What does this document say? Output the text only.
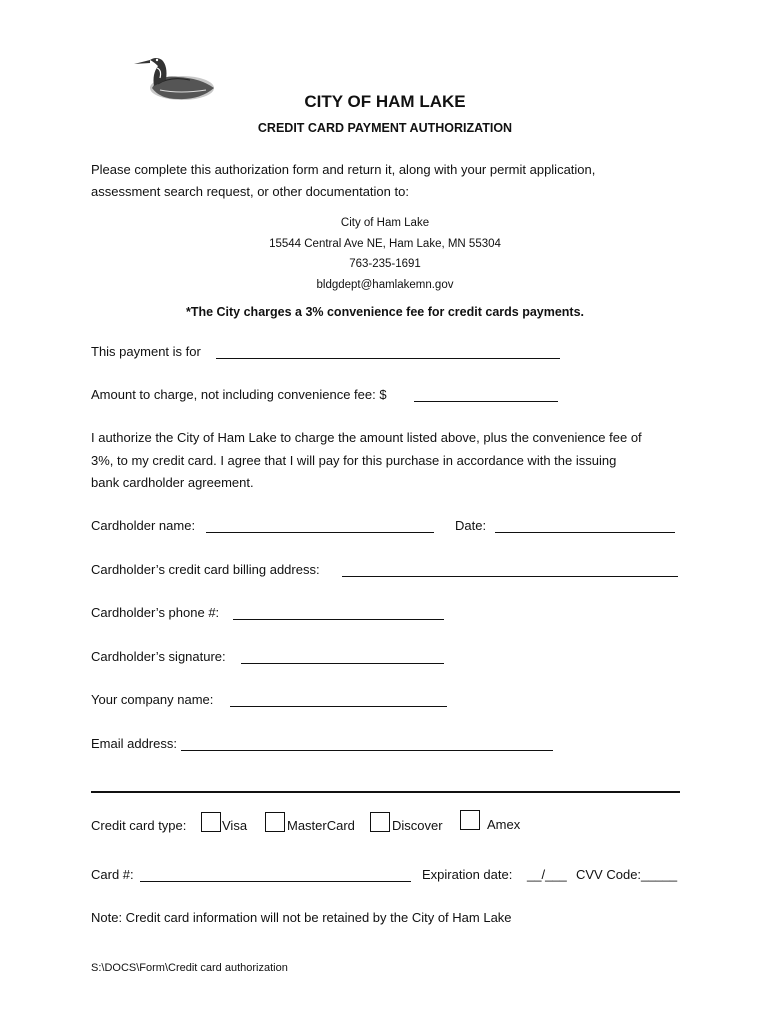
CITY OF HAM LAKE
CREDIT CARD PAYMENT AUTHORIZATION
Please complete this authorization form and return it, along with your permit application,
assessment search request, or other documentation to:
City of Ham Lake
15544 Central Ave NE, Ham Lake, MN 55304
763-235-1691
bldgdept@hamlakemn.gov
*The City charges a 3% convenience fee for credit cards payments.
This payment is for
Amount to charge, not including convenience fee: $
I authorize the City of Ham Lake to charge the amount listed above, plus the convenience fee of
3%, to my credit card. I agree that I will pay for this purchase in accordance with the issuing
bank cardholder agreement.
Cardholder name:	Date:
Cardholder’s credit card billing address:
Cardholder’s phone #:
Cardholder’s signature:
Your company name:
Email address:
Credit card type:	Visa	MasterCard	Discover	Amex
Card #:	Expiration date: __/___ CVV Code: _____
Note: Credit card information will not be retained by the City of Ham Lake
S:\DOCS\Form\Credit card authorization
